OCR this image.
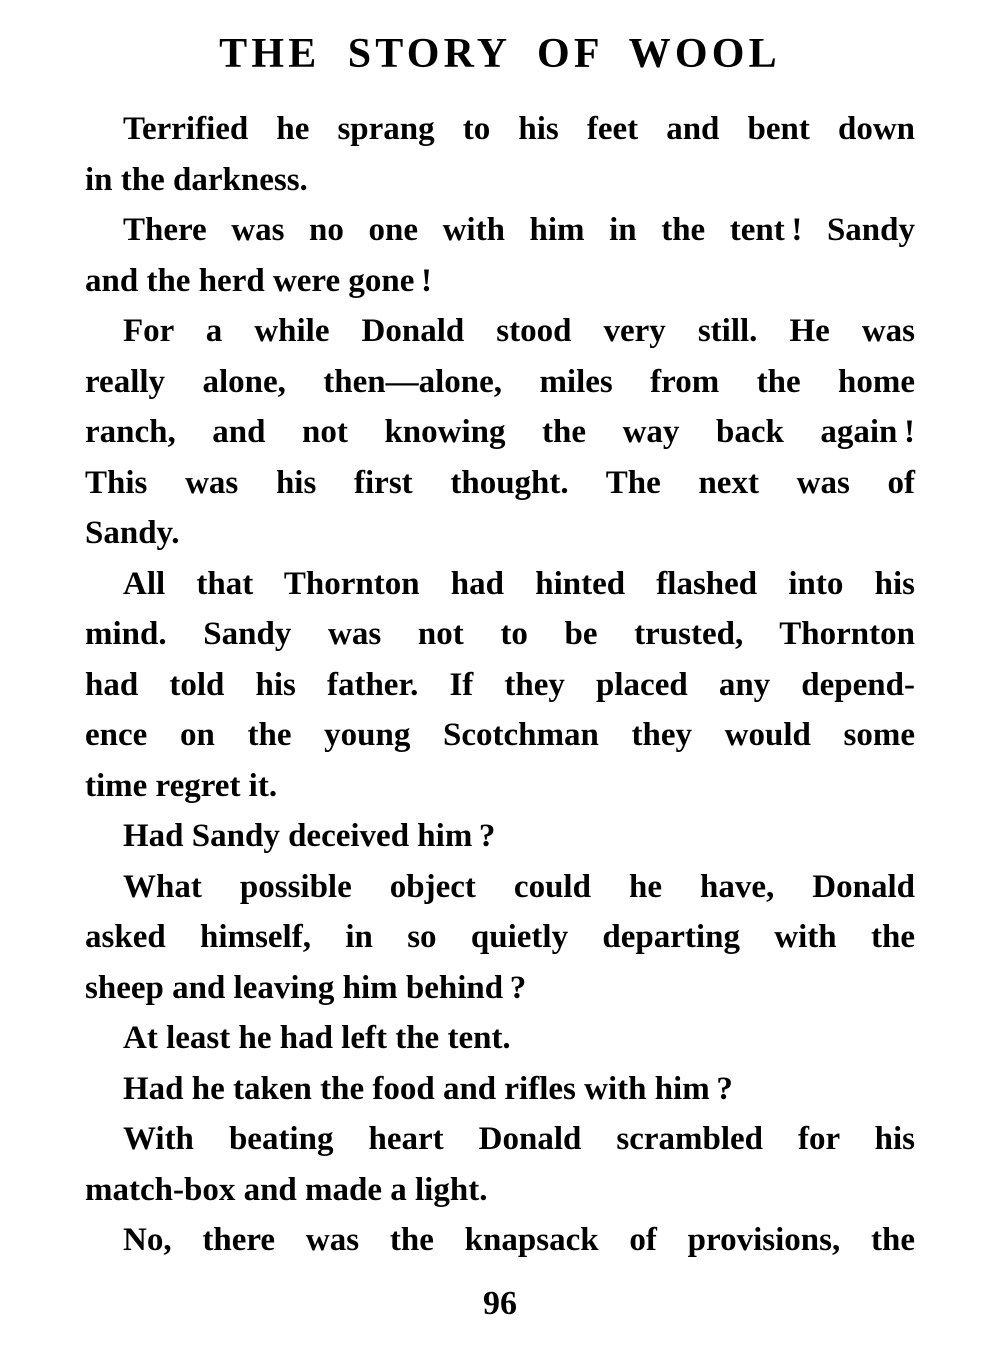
THE STORY OF WOOL
Terrified he sprang to his feet and bent down
in the darkness.
There was no one with him in the tent ! Sandy
and the herd were gone !
For a while Donald stood very still. He was
really alone, then—alone, miles from the home
ranch, and not knowing the way back again !
This was his first thought. The next was of
Sandy.
All that Thornton had hinted flashed into his
mind. Sandy was not to be trusted, Thornton
had told his father. If they placed any depend-
ence on the young Scotchman they would some
time regret it.
Had Sandy deceived him ?
What possible object could he have, Donald
asked himself, in so quietly departing with the
sheep and leaving him behind ?
At least he had left the tent.
Had he taken the food and rifles with him ?
With beating heart Donald scrambled for his
match-box and made a light.
No, there was the knapsack of provisions, the
96
